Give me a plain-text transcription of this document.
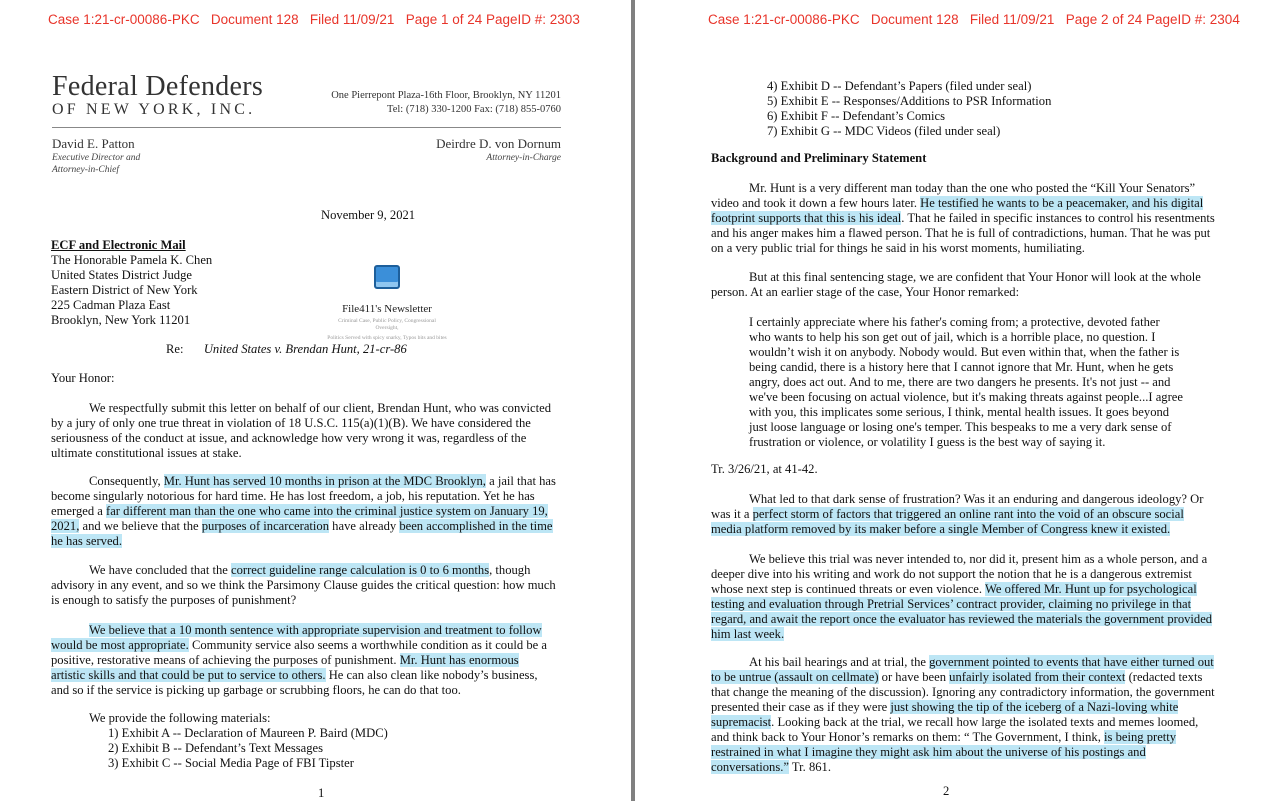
Case 1:21-cr-00086-PKC   Document 128   Filed 11/09/21   Page 1 of 24 PageID #: 2303
Federal Defenders
OF NEW YORK, INC.
One Pierrepont Plaza-16th Floor, Brooklyn, NY 11201
Tel: (718) 330-1200 Fax: (718) 855-0760
David E. Patton
Executive Director and
Attorney-in-Chief
Deirdre D. von Dornum
Attorney-in-Charge
November 9, 2021
ECF and Electronic Mail
The Honorable Pamela K. Chen
United States District Judge
Eastern District of New York
225 Cadman Plaza East
Brooklyn, New York 11201
File411's Newsletter
Criminal Case, Public Policy, Congressional Oversight,
Politics Served with spicy snarky, Typos bits and bites
Re: United States v. Brendan Hunt, 21-cr-86
Your Honor:
We respectfully submit this letter on behalf of our client, Brendan Hunt, who was convicted by a jury of only one true threat in violation of 18 U.S.C. 115(a)(1)(B). We have considered the seriousness of the conduct at issue, and acknowledge how very wrong it was, regardless of the ultimate constitutional issues at stake.
Consequently, Mr. Hunt has served 10 months in prison at the MDC Brooklyn, a jail that has become singularly notorious for hard time. He has lost freedom, a job, his reputation. Yet he has emerged a far different man than the one who came into the criminal justice system on January 19, 2021, and we believe that the purposes of incarceration have already been accomplished in the time he has served.
We have concluded that the correct guideline range calculation is 0 to 6 months, though advisory in any event, and so we think the Parsimony Clause guides the critical question: how much is enough to satisfy the purposes of punishment?
We believe that a 10 month sentence with appropriate supervision and treatment to follow would be most appropriate. Community service also seems a worthwhile condition as it could be a positive, restorative means of achieving the purposes of punishment. Mr. Hunt has enormous artistic skills and that could be put to service to others. He can also clean like nobody’s business, and so if the service is picking up garbage or scrubbing floors, he can do that too.
We provide the following materials:
1) Exhibit A -- Declaration of Maureen P. Baird (MDC)
2) Exhibit B -- Defendant’s Text Messages
3) Exhibit C -- Social Media Page of FBI Tipster
1
Case 1:21-cr-00086-PKC   Document 128   Filed 11/09/21   Page 2 of 24 PageID #: 2304
4) Exhibit D -- Defendant’s Papers (filed under seal)
5) Exhibit E -- Responses/Additions to PSR Information
6) Exhibit F -- Defendant’s Comics
7) Exhibit G -- MDC Videos (filed under seal)
Background and Preliminary Statement
Mr. Hunt is a very different man today than the one who posted the “Kill Your Senators” video and took it down a few hours later. He testified he wants to be a peacemaker, and his digital footprint supports that this is his ideal. That he failed in specific instances to control his resentments and his anger makes him a flawed person. That he is full of contradictions, human. That he was put on a very public trial for things he said in his worst moments, humiliating.
But at this final sentencing stage, we are confident that Your Honor will look at the whole person. At an earlier stage of the case, Your Honor remarked:
I certainly appreciate where his father's coming from; a protective, devoted father who wants to help his son get out of jail, which is a horrible place, no question. I wouldn’t wish it on anybody. Nobody would. But even within that, when the father is being candid, there is a history here that I cannot ignore that Mr. Hunt, when he gets angry, does act out. And to me, there are two dangers he presents. It's not just -- and we've been focusing on actual violence, but it's making threats against people...I agree with you, this implicates some serious, I think, mental health issues. It goes beyond just loose language or losing one's temper. This bespeaks to me a very dark sense of frustration or violence, or volatility I guess is the best way of saying it.
Tr. 3/26/21, at 41-42.
What led to that dark sense of frustration? Was it an enduring and dangerous ideology? Or was it a perfect storm of factors that triggered an online rant into the void of an obscure social media platform removed by its maker before a single Member of Congress knew it existed.
We believe this trial was never intended to, nor did it, present him as a whole person, and a deeper dive into his writing and work do not support the notion that he is a dangerous extremist whose next step is continued threats or even violence. We offered Mr. Hunt up for psychological testing and evaluation through Pretrial Services’ contract provider, claiming no privilege in that regard, and await the report once the evaluator has reviewed the materials the government provided him last week.
At his bail hearings and at trial, the government pointed to events that have either turned out to be untrue (assault on cellmate) or have been unfairly isolated from their context (redacted texts that change the meaning of the discussion). Ignoring any contradictory information, the government presented their case as if they were just showing the tip of the iceberg of a Nazi-loving white supremacist. Looking back at the trial, we recall how large the isolated texts and memes loomed, and think back to Your Honor’s remarks on them: “ The Government, I think, is being pretty restrained in what I imagine they might ask him about the universe of his postings and conversations.” Tr. 861.
2
